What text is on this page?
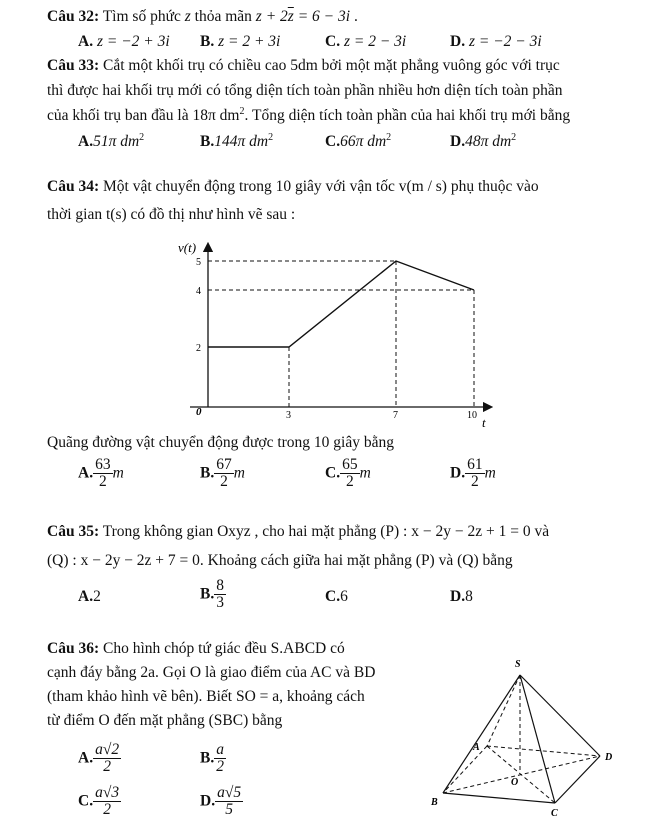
Câu 32: Tìm số phức z thỏa mãn $z + 2\overline{z} = 6 - 3i$ .
A. z = −2 + 3i B. z = 2 + 3i	C. z = 2 − 3i	D. z = −2 − 3i
Câu 33: Cắt một khối trụ có chiều cao 5dm bởi một mặt phẳng vuông góc với trục
thì được hai khối trụ mới có tổng diện tích toàn phần nhiều hơn diện tích toàn phần
của khối trụ ban đầu là 18π $dm^2$. Tổng diện tích toàn phần của hai khối trụ mới bằng
A.51π $dm^2$	B.144π $dm^2$	C.66π $dm^2$	D.48π $dm^2$
Câu 34: Một vật chuyển động trong 10 giây với vận tốc v(m / s) phụ thuộc vào
thời gian t(s) có đồ thị như hình vẽ sau :
v(t)
5
4
2
0	3	7	10 t
Quãng đường vật chuyển động được trong 10 giây bằng
A. $\frac{63}{2}$ m	B. $\frac{67}{2}$ m	C. $\frac{65}{2}$ m	D. $\frac{61}{2}$ m
Câu 35: Trong không gian Oxyz , cho hai mặt phẳng (P) : x − 2y − 2z + 1 = 0 và
(Q) : x − 2y − 2z + 7 = 0. Khoảng cách giữa hai mặt phẳng (P) và (Q) bằng
A.2	B. $\frac{8}{3}$	C.6	D.8
Câu 36: Cho hình chóp tứ giác đều S.ABCD có
cạnh đáy bằng 2a. Gọi O là giao điểm của AC và BD
(tham khảo hình vẽ bên). Biết SO = a, khoảng cách
từ điểm O đến mặt phẳng (SBC) bằng
A. $\frac{a√2}{2}$	B. $\frac{a}{2}$
C. $\frac{a√3}{2}$	D. $\frac{a√5}{5}$
S
A
D
B
C
O
